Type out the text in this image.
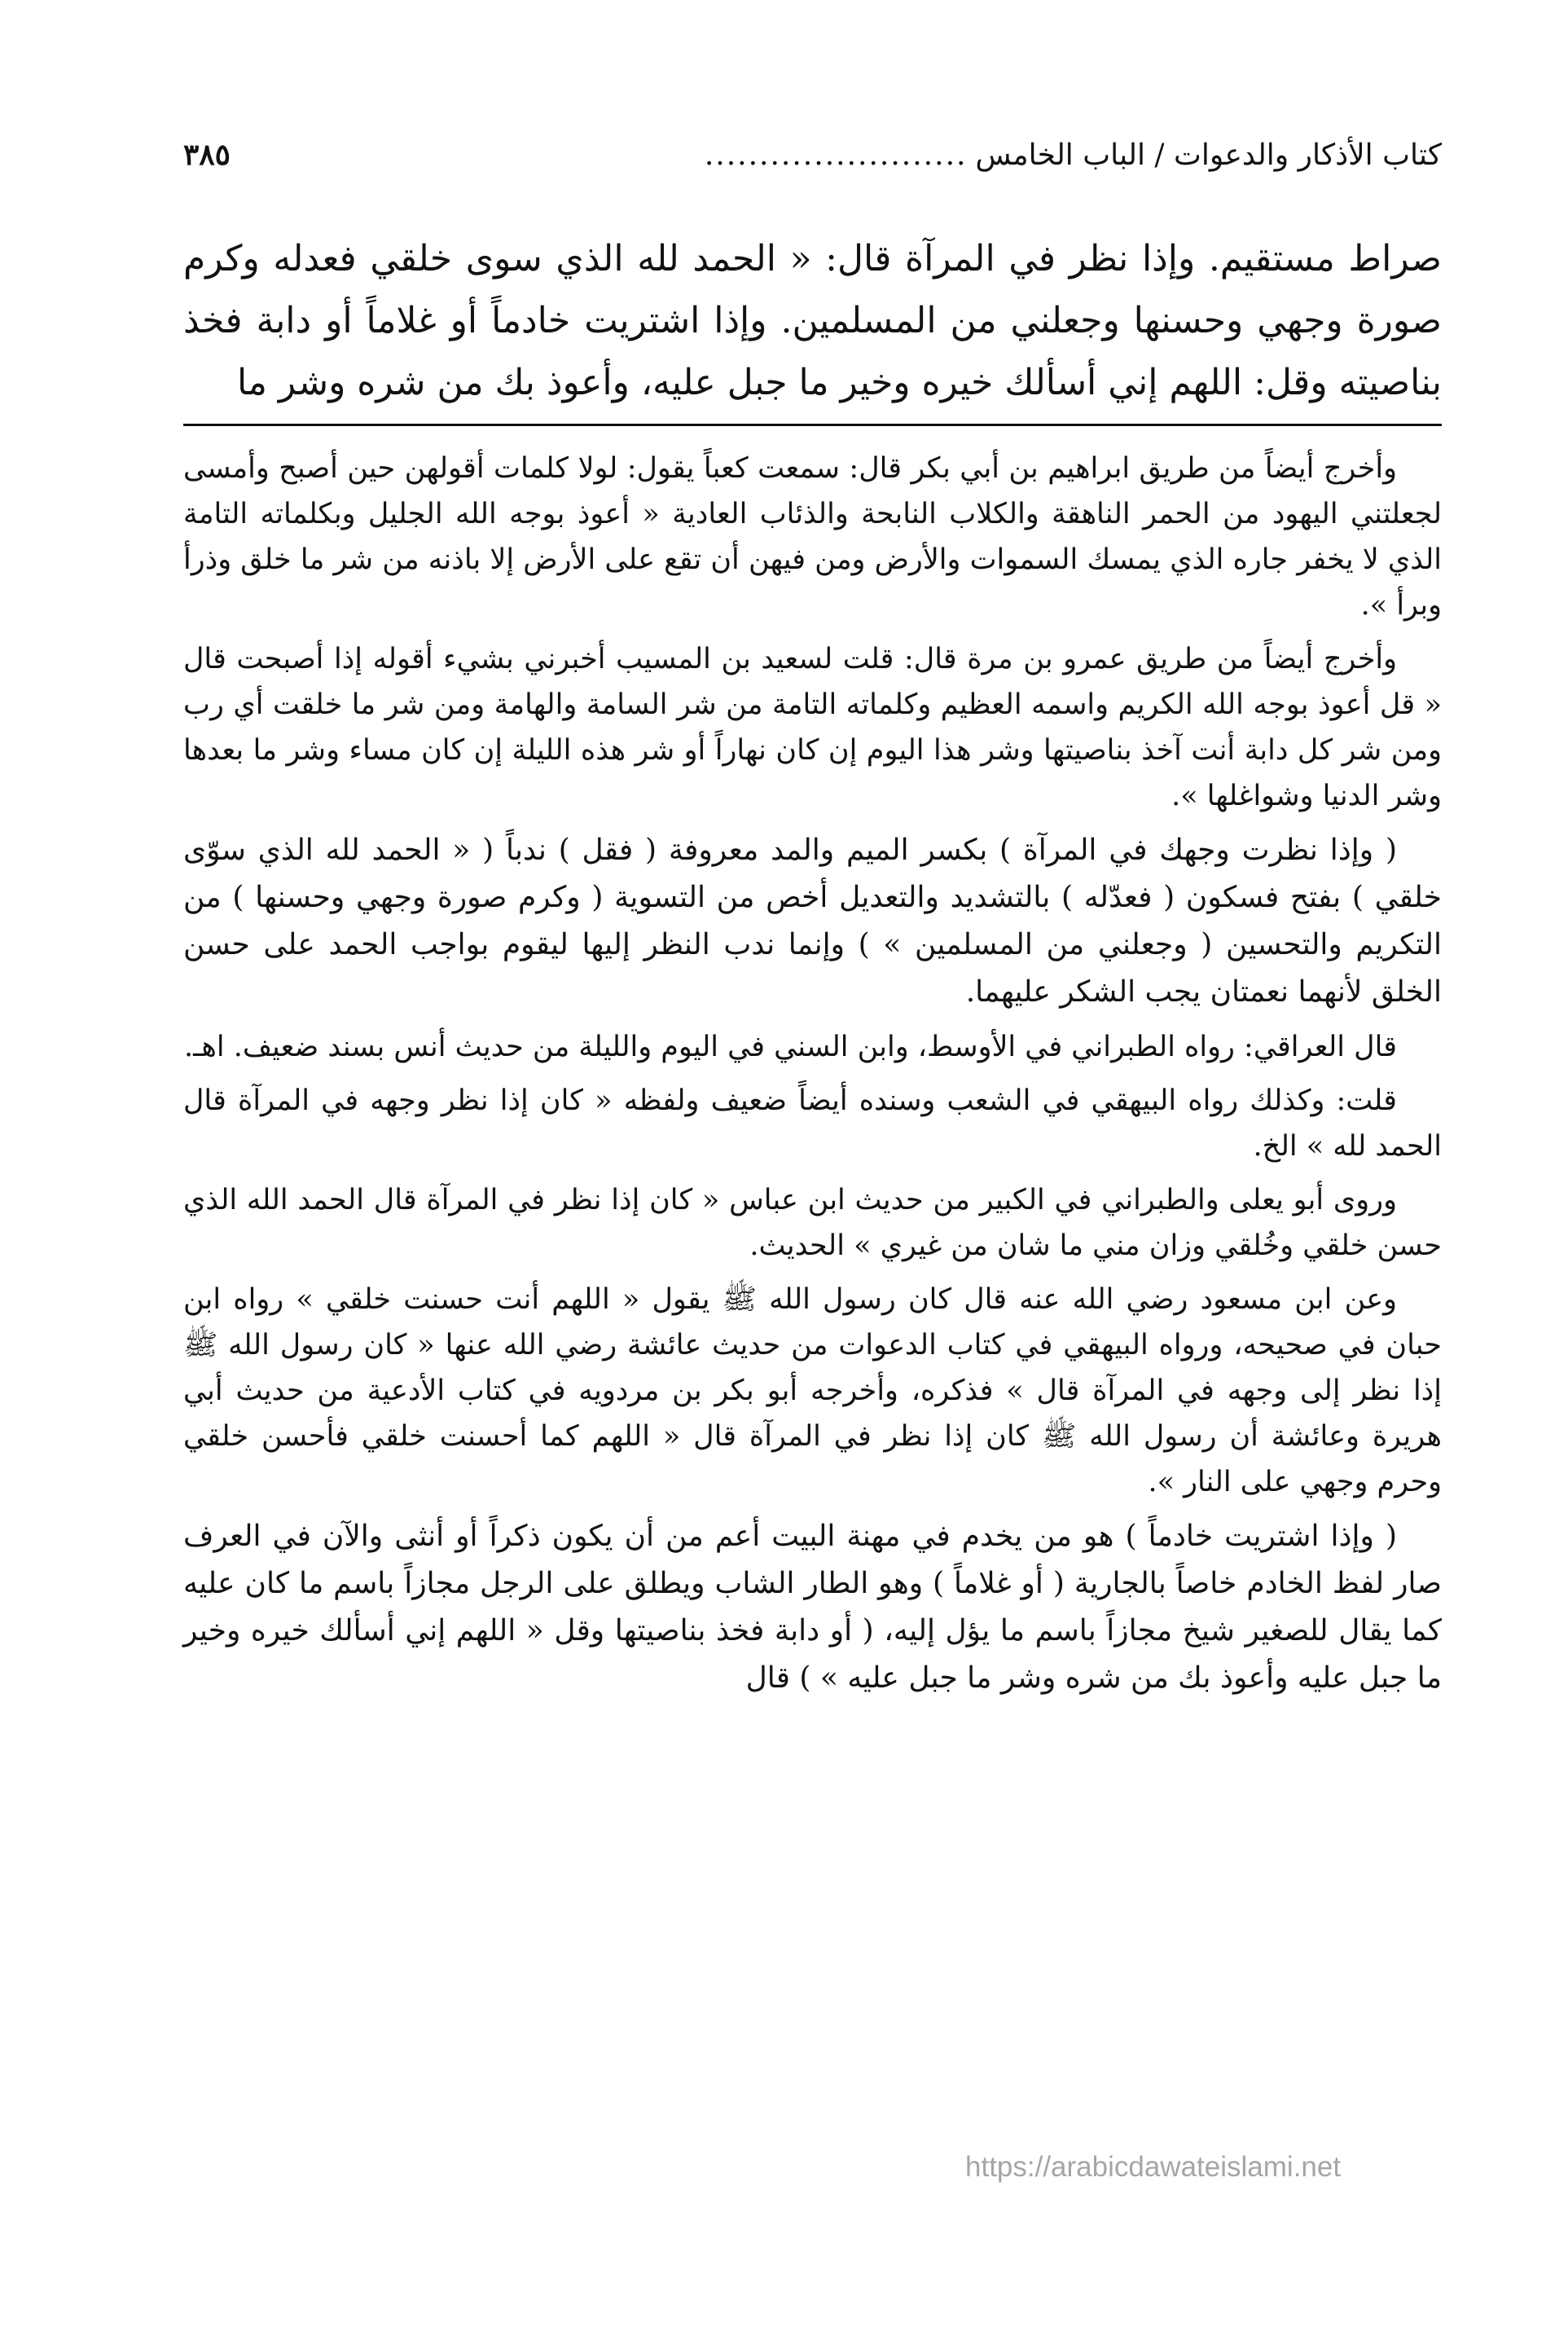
كتاب الأذكار والدعوات / الباب الخامس
........................
٣٨٥

صراط مستقيم. وإذا نظر في المرآة قال: « الحمد لله الذي سوى خلقي فعدله وكرم صورة وجهي وحسنها وجعلني من المسلمين. وإذا اشتريت خادماً أو غلاماً أو دابة فخذ بناصيته وقل: اللهم إني أسألك خيره وخير ما جبل عليه، وأعوذ بك من شره وشر ما

وأخرج أيضاً من طريق ابراهيم بن أبي بكر قال: سمعت كعباً يقول: لولا كلمات أقولهن حين أصبح وأمسى لجعلتني اليهود من الحمر الناهقة والكلاب النابحة والذئاب العادية « أعوذ بوجه الله الجليل وبكلماته التامة الذي لا يخفر جاره الذي يمسك السموات والأرض ومن فيهن أن تقع على الأرض إلا باذنه من شر ما خلق وذرأ وبرأ ».

وأخرج أيضاً من طريق عمرو بن مرة قال: قلت لسعيد بن المسيب أخبرني بشيء أقوله إذا أصبحت قال « قل أعوذ بوجه الله الكريم واسمه العظيم وكلماته التامة من شر السامة والهامة ومن شر ما خلقت أي رب ومن شر كل دابة أنت آخذ بناصيتها وشر هذا اليوم إن كان نهاراً أو شر هذه الليلة إن كان مساء وشر ما بعدها وشر الدنيا وشواغلها ».

( وإذا نظرت وجهك في المرآة ) بكسر الميم والمد معروفة ( فقل ) ندباً ( « الحمد لله الذي سوّى خلقي ) بفتح فسكون ( فعدّله ) بالتشديد والتعديل أخص من التسوية ( وكرم صورة وجهي وحسنها ) من التكريم والتحسين ( وجعلني من المسلمين » ) وإنما ندب النظر إليها ليقوم بواجب الحمد على حسن الخلق لأنهما نعمتان يجب الشكر عليهما.

قال العراقي: رواه الطبراني في الأوسط، وابن السني في اليوم والليلة من حديث أنس بسند ضعيف. اهـ.

قلت: وكذلك رواه البيهقي في الشعب وسنده أيضاً ضعيف ولفظه « كان إذا نظر وجهه في المرآة قال الحمد لله » الخ.

وروى أبو يعلى والطبراني في الكبير من حديث ابن عباس « كان إذا نظر في المرآة قال الحمد الله الذي حسن خلقي وخُلقي وزان مني ما شان من غيري » الحديث.

وعن ابن مسعود رضي الله عنه قال كان رسول الله ﷺ يقول « اللهم أنت حسنت خلقي » رواه ابن حبان في صحيحه، ورواه البيهقي في كتاب الدعوات من حديث عائشة رضي الله عنها « كان رسول الله ﷺ إذا نظر إلى وجهه في المرآة قال » فذكره، وأخرجه أبو بكر بن مردويه في كتاب الأدعية من حديث أبي هريرة وعائشة أن رسول الله ﷺ كان إذا نظر في المرآة قال « اللهم كما أحسنت خلقي فأحسن خلقي وحرم وجهي على النار ».

( وإذا اشتريت خادماً ) هو من يخدم في مهنة البيت أعم من أن يكون ذكراً أو أنثى والآن في العرف صار لفظ الخادم خاصاً بالجارية ( أو غلاماً ) وهو الطار الشاب ويطلق على الرجل مجازاً باسم ما كان عليه كما يقال للصغير شيخ مجازاً باسم ما يؤل إليه، ( أو دابة فخذ بناصيتها وقل « اللهم إني أسألك خيره وخير ما جبل عليه وأعوذ بك من شره وشر ما جبل عليه » ) قال

https://arabicdawateislami.net
